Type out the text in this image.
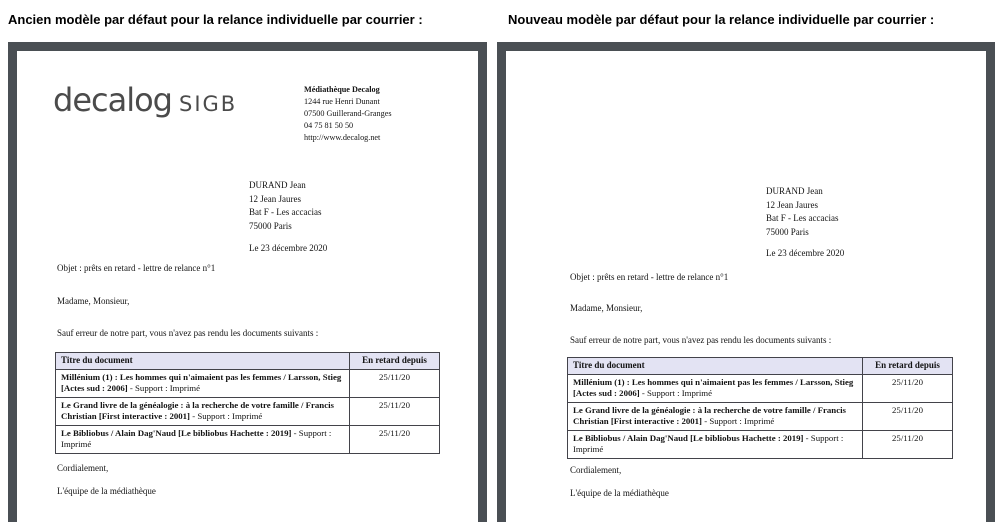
Ancien modèle par défaut pour la relance individuelle par courrier :	Nouveau modèle par défaut pour la relance individuelle par courrier :
decalog SIGB
Médiathèque Decalog
1244 rue Henri Dunant
07500 Guillerand-Granges
04 75 81 50 50
http://www.decalog.net
DURAND Jean
12 Jean Jaures
Bat F - Les accacias
75000 Paris
Le 23 décembre 2020
Objet : prêts en retard - lettre de relance n°1
Madame, Monsieur,
Sauf erreur de notre part, vous n'avez pas rendu les documents suivants :
Titre du document	En retard depuis
Millénium (1) : Les hommes qui n'aimaient pas les femmes / Larsson, Stieg [Actes sud : 2006] - Support : Imprimé	25/11/20
Le Grand livre de la généalogie : à la recherche de votre famille / Francis Christian [First interactive : 2001] - Support : Imprimé	25/11/20
Le Bibliobus / Alain Dag'Naud [Le bibliobus Hachette : 2019] - Support : Imprimé	25/11/20
Cordialement,
L'équipe de la médiathèque
DURAND Jean
12 Jean Jaures
Bat F - Les accacias
75000 Paris
Le 23 décembre 2020
Objet : prêts en retard - lettre de relance n°1
Madame, Monsieur,
Sauf erreur de notre part, vous n'avez pas rendu les documents suivants :
Titre du document	En retard depuis
Millénium (1) : Les hommes qui n'aimaient pas les femmes / Larsson, Stieg [Actes sud : 2006] - Support : Imprimé	25/11/20
Le Grand livre de la généalogie : à la recherche de votre famille / Francis Christian [First interactive : 2001] - Support : Imprimé	25/11/20
Le Bibliobus / Alain Dag'Naud [Le bibliobus Hachette : 2019] - Support : Imprimé	25/11/20
Cordialement,
L'équipe de la médiathèque
